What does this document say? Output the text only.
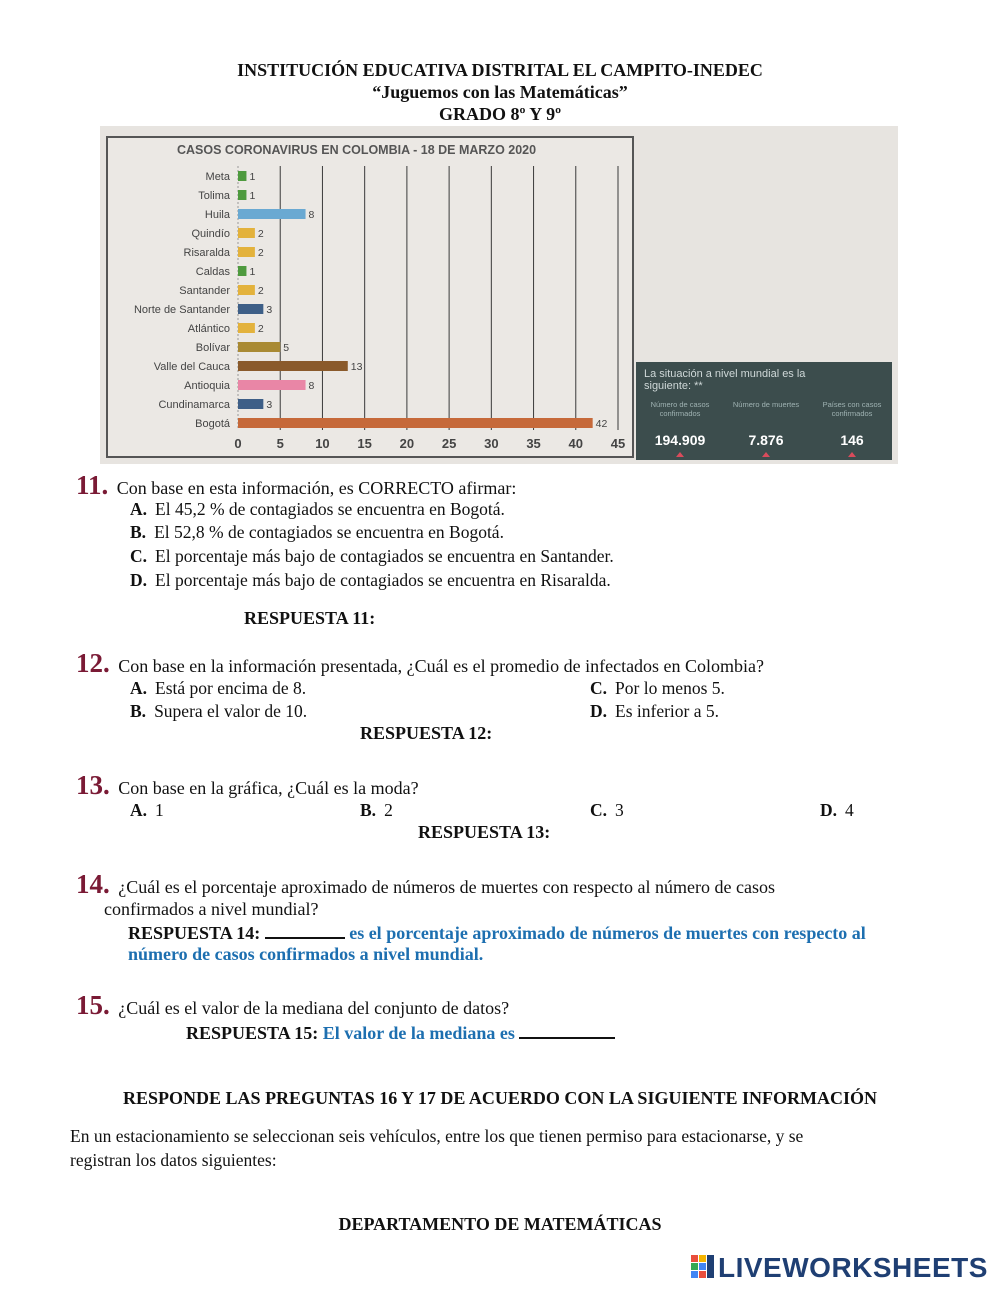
INSTITUCIÓN EDUCATIVA DISTRITAL EL CAMPITO-INEDEC
“Juguemos con las Matemáticas”
GRADO 8º Y 9º
CASOS CORONAVIRUS EN COLOMBIA - 18 DE MARZO 2020
Meta 1
Tolima 1
Huila	8
Quindío	2
Risaralda	2
Caldas 1
Santander	2
Norte de Santander	3
Atlántico	2
Bolívar	5
Valle del Cauca	13
Antioquia	8
Cundinamarca	3
Bogotá	42
0	5 10 15 20 25 30 35 40 45
La situación a nivel mundial es la siguiente: **
Número de casos confirmados
194.909
Número de muertes
7.876
Países con casos confirmados
146
11. Con base en esta información, es CORRECTO afirmar:
A. El 45,2 % de contagiados se encuentra en Bogotá.
B. El 52,8 % de contagiados se encuentra en Bogotá.
C. El porcentaje más bajo de contagiados se encuentra en Santander.
D. El porcentaje más bajo de contagiados se encuentra en Risaralda.
RESPUESTA 11:
12. Con base en la información presentada, ¿Cuál es el promedio de infectados en Colombia?
A. Está por encima de 8.
B. Supera el valor de 10.
C. Por lo menos 5.
D. Es inferior a 5.
RESPUESTA 12:
13. Con base en la gráfica, ¿Cuál es la moda?
A. 1	B. 2	C. 3	D. 4
RESPUESTA 13:
14. ¿Cuál es el porcentaje aproximado de números de muertes con respecto al número de casos
confirmados a nivel mundial?
RESPUESTA 14:	es el porcentaje aproximado de números de muertes con respecto al
número de casos confirmados a nivel mundial.
15. ¿Cuál es el valor de la mediana del conjunto de datos?
RESPUESTA 15: El valor de la mediana es
RESPONDE LAS PREGUNTAS 16 Y 17 DE ACUERDO CON LA SIGUIENTE INFORMACIÓN
En un estacionamiento se seleccionan seis vehículos, entre los que tienen permiso para estacionarse, y se
registran los datos siguientes:
DEPARTAMENTO DE MATEMÁTICAS
LIVEWORKSHEETS
